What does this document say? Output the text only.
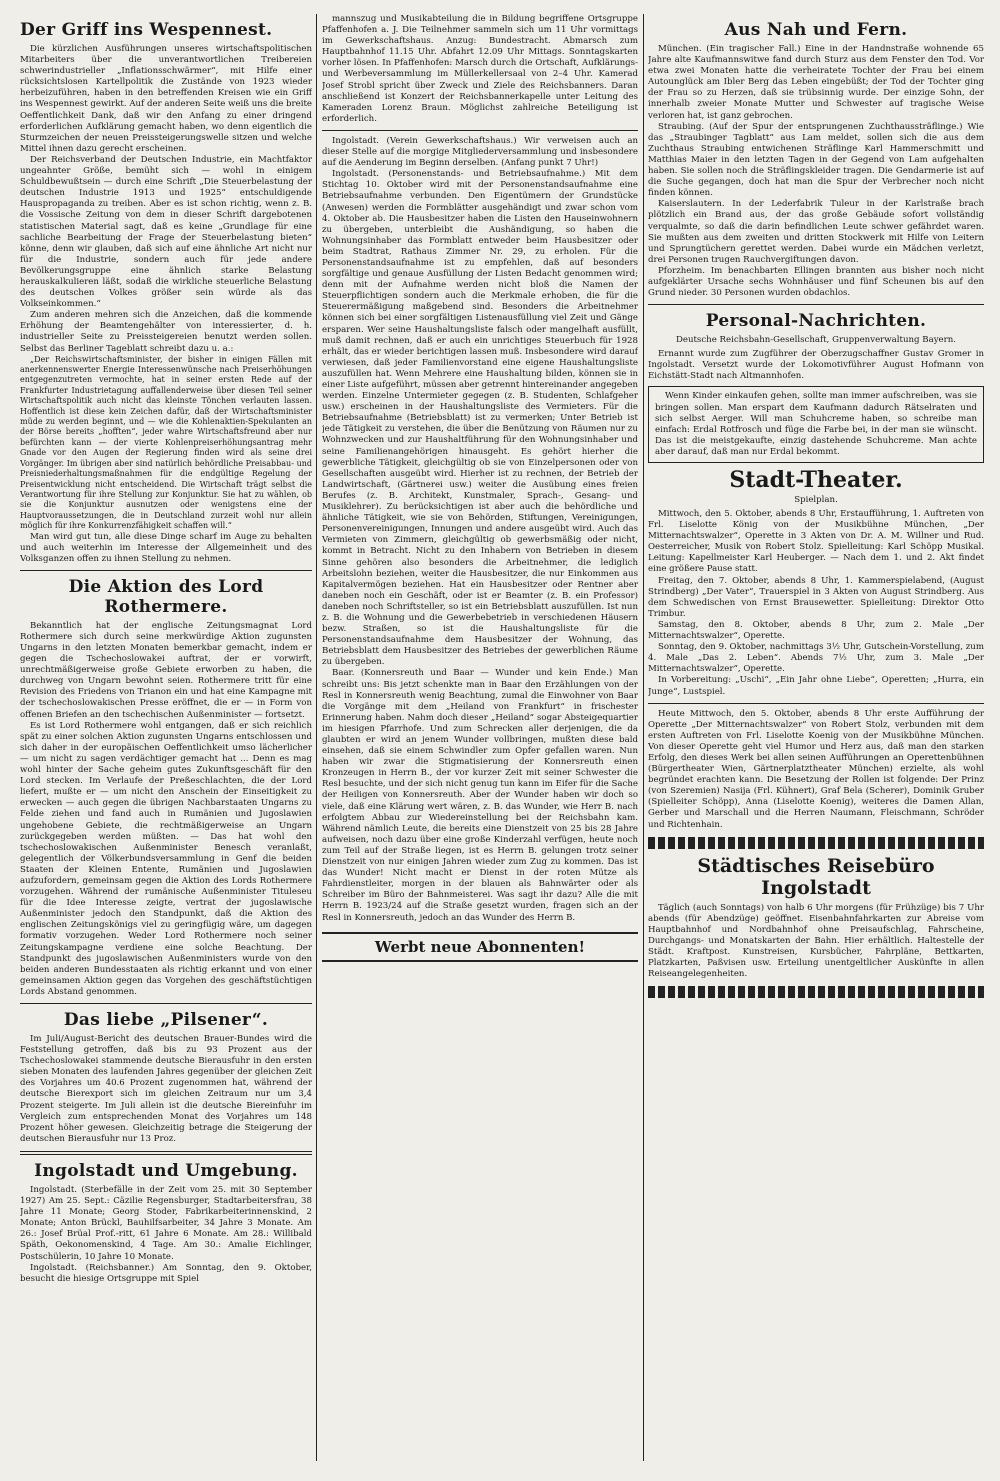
Der Griff ins Wespennest.

Die kürzlichen Ausführungen unseres wirtschaftspolitischen Mitarbeiters über die unverantwortlichen Treibereien schwerindustrieller „Inflationsschwärmer“, mit Hilfe einer rücksichtslosen Kartellpolitik die Zustände von 1923 wieder herbeizuführen, haben in den betreffenden Kreisen wie ein Griff ins Wespennest gewirkt. Auf der anderen Seite weiß uns die breite Oeffentlichkeit Dank, daß wir den Anfang zu einer dringend erforderlichen Aufklärung gemacht haben, wo denn eigentlich die Sturmzeichen der neuen Preissteigerungswelle sitzen und welche Mittel ihnen dazu gerecht erscheinen.

Der Reichsverband der Deutschen Industrie, ein Machtfaktor ungeahnter Größe, bemüht sich — wohl in einigem Schuldbewußtsein — durch eine Schrift „Die Steuerbelastung der deutschen Industrie 1913 und 1925“ entschuldigende Hauspropaganda zu treiben. Aber es ist schon richtig, wenn z. B. die Vossische Zeitung von dem in dieser Schrift dargebotenen statistischen Material sagt, daß es keine „Grundlage für eine sachliche Bearbeitung der Frage der Steuerbelastung bieten“ könne, denn wir glauben, daß sich auf eine ähnliche Art nicht nur für die Industrie, sondern auch für jede andere Bevölkerungsgruppe eine ähnlich starke Belastung herauskalkulieren läßt, sodaß die wirkliche steuerliche Belastung des deutschen Volkes größer sein würde als das Volkseinkommen.“

Zum anderen mehren sich die Anzeichen, daß die kommende Erhöhung der Beamtengehälter von interessierter, d. h. industrieller Seite zu Preissteigereien benutzt werden sollen. Selbst das Berliner Tageblatt schreibt dazu u. a.:

„Der Reichswirtschaftsminister, der bisher in einigen Fällen mit anerkennenswerter Energie Interessenwünsche nach Preiserhöhungen entgegenzutreten vermochte, hat in seiner ersten Rede auf der Frankfurter Industrietagung auffallenderweise über diesen Teil seiner Wirtschaftspolitik auch nicht das kleinste Tönchen verlauten lassen. Hoffentlich ist diese kein Zeichen dafür, daß der Wirtschaftsminister müde zu werden beginnt, und — wie die Kohlenaktien-Spekulanten an der Börse bereits „hofften“, jeder wahre Wirtschaftsfreund aber nur befürchten kann — der vierte Kohlenpreiserhöhungsantrag mehr Gnade vor den Augen der Regierung finden wird als seine drei Vorgänger. Im übrigen aber sind natürlich behördliche Preisabbau- und Preisniederhaltungsmaßnahmen für die endgültige Regelung der Preisentwicklung nicht entscheidend. Die Wirtschaft trägt selbst die Verantwortung für ihre Stellung zur Konjunktur. Sie hat zu wählen, ob sie die Konjunktur ausnutzen oder wenigstens eine der Hauptvoraussetzungen, die in Deutschland zurzeit wohl nur allein möglich für ihre Konkurrenzfähigkeit schaffen will.“

Man wird gut tun, alle diese Dinge scharf im Auge zu behalten und auch weiterhin im Interesse der Allgemeinheit und des Volksganzen offen zu ihnen Stellung zu nehmen.

Die Aktion des Lord Rothermere.

Bekanntlich hat der englische Zeitungsmagnat Lord Rothermere sich durch seine merkwürdige Aktion zugunsten Ungarns in den letzten Monaten bemerkbar gemacht, indem er gegen die Tschechoslowakei auftrat, der er vorwirft, unrechtmäßigerweise große Gebiete erworben zu haben, die durchweg von Ungarn bewohnt seien. Rothermere tritt für eine Revision des Friedens von Trianon ein und hat eine Kampagne mit der tschechoslowakischen Presse eröffnet, die er — in Form von offenen Briefen an den tschechischen Außenminister — fortsetzt.

Es ist Lord Rothermere wohl entgangen, daß er sich reichlich spät zu einer solchen Aktion zugunsten Ungarns entschlossen und sich daher in der europäischen Oeffentlichkeit umso lächerlicher — um nicht zu sagen verdächtiger gemacht hat ... Denn es mag wohl hinter der Sache geheim gutes Zukunftsgeschäft für den Lord stecken. Im Verlaufe der Preßeschlachten, die der Lord liefert, mußte er — um nicht den Anschein der Einseitigkeit zu erwecken — auch gegen die übrigen Nachbarstaaten Ungarns zu Felde ziehen und fand auch in Rumänien und Jugoslawien ungehobene Gebiete, die rechtmäßigerweise an Ungarn zurückgegeben werden müßten. — Das hat wohl den tschechoslowakischen Außenminister Benesch veranlaßt, gelegentlich der Völkerbundsversammlung in Genf die beiden Staaten der Kleinen Entente, Rumänien und Jugoslawien aufzufordern, gemeinsam gegen die Aktion des Lords Rothermere vorzugehen. Während der rumänische Außenminister Tituleseu für die Idee Interesse zeigte, vertrat der jugoslawische Außenminister jedoch den Standpunkt, daß die Aktion des englischen Zeitungskönigs viel zu geringfügig wäre, um dagegen formativ vorzugehen. Weder Lord Rothermere noch seiner Zeitungskampagne verdiene eine solche Beachtung. Der Standpunkt des jugoslawischen Außenministers wurde von den beiden anderen Bundesstaaten als richtig erkannt und von einer gemeinsamen Aktion gegen das Vorgehen des geschäftstüchtigen Lords Abstand genommen.

Das liebe „Pilsener“.

Im Juli/August-Bericht des deutschen Brauer-Bundes wird die Feststellung getroffen, daß bis zu 93 Prozent aus der Tschechoslowakei stammende deutsche Bierausfuhr in den ersten sieben Monaten des laufenden Jahres gegenüber der gleichen Zeit des Vorjahres um 40.6 Prozent zugenommen hat, während der deutsche Bierexport sich im gleichen Zeitraum nur um 3,4 Prozent steigerte. Im Juli allein ist die deutsche Biereinfuhr im Vergleich zum entsprechenden Monat des Vorjahres um 148 Prozent höher gewesen. Gleichzeitig betrage die Steigerung der deutschen Bierausfuhr nur 13 Proz.

Ingolstadt und Umgebung.

Ingolstadt. (Sterbefälle in der Zeit vom 25. mit 30 September 1927) Am 25. Sept.: Cäzilie Regensburger, Stadtarbeitersfrau, 38 Jahre 11 Monate; Georg Stoder, Fabrikarbeiterinnenskind, 2 Monate; Anton Brückl, Bauhilfsarbeiter, 34 Jahre 3 Monate. Am 26.: Josef Brüal Prof.-ritt, 61 Jahre 6 Monate. Am 28.: Willibald Späth, Oekonomenskind, 4 Tage. Am 30.: Amalie Eichlinger, Postschülerin, 10 Jahre 10 Monate.

Ingolstadt. (Reichsbanner.) Am Sonntag, den 9. Oktober, besucht die hiesige Ortsgruppe mit Spiel

mannszug und Musikabteilung die in Bildung begriffene Ortsgruppe Pfaffenhofen a. J. Die Teilnehmer sammeln sich um 11 Uhr vormittags im Gewerkschaftshaus. Anzug: Bundestracht. Abmarsch zum Hauptbahnhof 11.15 Uhr. Abfahrt 12.09 Uhr Mittags. Sonntagskarten vorher lösen. In Pfaffenhofen: Marsch durch die Ortschaft, Aufklärungs- und Werbeversammlung im Müllerkellersaal von 2–4 Uhr. Kamerad Josef Strobl spricht über Zweck und Ziele des Reichsbanners. Daran anschließend ist Konzert der Reichsbannerkapelle unter Leitung des Kameraden Lorenz Braun. Möglichst zahlreiche Beteiligung ist erforderlich.

Ingolstadt. (Verein Gewerkschaftshaus.) Wir verweisen auch an dieser Stelle auf die morgige Mitgliederversammlung und insbesondere auf die Aenderung im Beginn derselben. (Anfang punkt 7 Uhr!)

Ingolstadt. (Personenstands- und Betriebsaufnahme.) Mit dem Stichtag 10. Oktober wird mit der Personenstandsaufnahme eine Betriebsaufnahme verbunden. Den Eigentümern der Grundstücke (Anwesen) werden die Formblätter ausgehändigt und zwar schon vom 4. Oktober ab. Die Hausbesitzer haben die Listen den Hauseinwohnern zu übergeben, unterbleibt die Aushändigung, so haben die Wohnungsinhaber das Formblatt entweder beim Hausbesitzer oder beim Stadtrat, Rathaus Zimmer Nr. 29, zu erholen. Für die Personenstandsaufnahme ist zu empfehlen, daß auf besonders sorgfältige und genaue Ausfüllung der Listen Bedacht genommen wird; denn mit der Aufnahme werden nicht bloß die Namen der Steuerpflichtigen sondern auch die Merkmale erhoben, die für die Steuerermäßigung maßgebend sind. Besonders die Arbeitnehmer können sich bei einer sorgfältigen Listenausfüllung viel Zeit und Gänge ersparen. Wer seine Haushaltungsliste falsch oder mangelhaft ausfüllt, muß damit rechnen, daß er auch ein unrichtiges Steuerbuch für 1928 erhält, das er wieder berichtigen lassen muß. Insbesondere wird darauf verwiesen, daß jeder Familienvorstand eine eigene Haushaltungsliste auszufüllen hat. Wenn Mehrere eine Haushaltung bilden, können sie in einer Liste aufgeführt, müssen aber getrennt hintereinander angegeben werden. Einzelne Untermieter gegegen (z. B. Studenten, Schlafgeher usw.) erscheinen in der Haushaltungsliste des Vermieters. Für die Betriebsaufnahme (Betriebsblatt) ist zu vermerken; Unter Betrieb ist jede Tätigkeit zu verstehen, die über die Benützung von Räumen nur zu Wohnzwecken und zur Haushaltführung für den Wohnungsinhaber und seine Familienangehörigen hinausgeht. Es gehört hierher die gewerbliche Tätigkeit, gleichgültig ob sie von Einzelpersonen oder von Gesellschaften ausgeübt wird. Hierher ist zu rechnen, der Betrieb der Landwirtschaft, (Gärtnerei usw.) weiter die Ausübung eines freien Berufes (z. B. Architekt, Kunstmaler, Sprach-, Gesang- und Musiklehrer). Zu berücksichtigen ist aber auch die behördliche und ähnliche Tätigkeit, wie sie von Behörden, Stiftungen, Vereinigungen, Personenvereinigungen, Innungen und andere ausgeübt wird. Auch das Vermieten von Zimmern, gleichgültig ob gewerbsmäßig oder nicht, kommt in Betracht. Nicht zu den Inhabern von Betrieben in diesem Sinne gehören also besonders die Arbeitnehmer, die lediglich Arbeitslohn beziehen, weiter die Hausbesitzer, die nur Einkommen aus Kapitalvermögen beziehen. Hat ein Hausbesitzer oder Rentner aber daneben noch ein Geschäft, oder ist er Beamter (z. B. ein Professor) daneben noch Schriftsteller, so ist ein Betriebsblatt auszufüllen. Ist nun z. B. die Wohnung und die Gewerbebetrieb in verschiedenen Häusern bezw. Straßen, so ist die Haushaltungsliste für die Personenstandsaufnahme dem Hausbesitzer der Wohnung, das Betriebsblatt dem Hausbesitzer des Betriebes der gewerblichen Räume zu übergeben.

Baar. (Konnersreuth und Baar — Wunder und kein Ende.) Man schreibt uns: Bis jetzt schenkte man in Baar den Erzählungen von der Resl in Konnersreuth wenig Beachtung, zumal die Einwohner von Baar die Vorgänge mit dem „Heiland von Frankfurt“ in frischester Erinnerung haben. Nahm doch dieser „Heiland“ sogar Absteigequartier im hiesigen Pfarrhofe. Und zum Schrecken aller derjenigen, die da glaubten er wird an jenem Wunder vollbringen, mußten diese bald einsehen, daß sie einem Schwindler zum Opfer gefallen waren. Nun haben wir zwar die Stigmatisierung der Konnersreuth einen Kronzeugen in Herrn B., der vor kurzer Zeit mit seiner Schwester die Resl besuchte, und der sich nicht genug tun kann im Eifer für die Sache der Heiligen von Konnersreuth. Aber der Wunder haben wir doch so viele, daß eine Klärung wert wären, z. B. das Wunder, wie Herr B. nach erfolgtem Abbau zur Wiedereinstellung bei der Reichsbahn kam. Während nämlich Leute, die bereits eine Dienstzeit von 25 bis 28 Jahre aufweisen, noch dazu über eine große Kinderzahl verfügen, heute noch zum Teil auf der Straße liegen, ist es Herrn B. gelungen trotz seiner Dienstzeit von nur einigen Jahren wieder zum Zug zu kommen. Das ist das Wunder! Nicht macht er Dienst in der roten Mütze als Fahrdienstleiter, morgen in der blauen als Bahnwärter oder als Schreiber im Büro der Bahnmeisterei. Was sagt ihr dazu? Alle die mit Herrn B. 1923/24 auf die Straße gesetzt wurden, fragen sich an der Resl in Konnersreuth, jedoch an das Wunder des Herrn B.

Werbt neue Abonnenten!
Aus Nah und Fern.

München. (Ein tragischer Fall.) Eine in der Handnstraße wohnende 65 Jahre alte Kaufmannswitwe fand durch Sturz aus dem Fenster den Tod. Vor etwa zwei Monaten hatte die verheiratete Tochter der Frau bei einem Autounglück am Ibler Berg das Leben eingebüßt; der Tod der Tochter ging der Frau so zu Herzen, daß sie trübsinnig wurde. Der einzige Sohn, der innerhalb zweier Monate Mutter und Schwester auf tragische Weise verloren hat, ist ganz gebrochen.

Straubing. (Auf der Spur der entsprungenen Zuchthaussträflinge.) Wie das „Straubinger Tagblatt“ aus Lam meldet, sollen sich die aus dem Zuchthaus Straubing entwichenen Sträflinge Karl Hammerschmitt und Matthias Maier in den letzten Tagen in der Gegend von Lam aufgehalten haben. Sie sollen noch die Sträflingskleider tragen. Die Gendarmerie ist auf die Suche gegangen, doch hat man die Spur der Verbrecher noch nicht finden können.

Kaiserslautern. In der Lederfabrik Tuleur in der Karlstraße brach plötzlich ein Brand aus, der das große Gebäude sofort vollständig verqualmte, so daß die darin befindlichen Leute schwer gefährdet waren. Sie mußten aus dem zweiten und dritten Stockwerk mit Hilfe von Leitern und Sprungtüchern gerettet werden. Dabei wurde ein Mädchen verletzt, drei Personen trugen Rauchvergiftungen davon.

Pforzheim. Im benachbarten Ellingen brannten aus bisher noch nicht aufgeklärter Ursache sechs Wohnhäuser und fünf Scheunen bis auf den Grund nieder. 30 Personen wurden obdachlos.

Personal-Nachrichten.
Deutsche Reichsbahn-Gesellschaft, Gruppenverwaltung Bayern.

Ernannt wurde zum Zugführer der Oberzugschaffner Gustav Gromer in Ingolstadt. Versetzt wurde der Lokomotivführer August Hofmann von Eichstätt-Stadt nach Altmannhofen.

Wenn Kinder einkaufen gehen, sollte man immer aufschreiben, was sie bringen sollen. Man erspart dem Kaufmann dadurch Rätselraten und sich selbst Aerger. Will man Schuhcreme haben, so schreibe man einfach: Erdal Rotfrosch und füge die Farbe bei, in der man sie wünscht. Das ist die meistgekaufte, einzig dastehende Schuhcreme. Man achte aber darauf, daß man nur Erdal bekommt.

Stadt-Theater.
Spielplan.

Mittwoch, den 5. Oktober, abends 8 Uhr, Erstaufführung, 1. Auftreten von Frl. Liselotte König von der Musikbühne München, „Der Mitternachtswalzer“, Operette in 3 Akten von Dr. A. M. Willner und Rud. Oesterreicher, Musik von Robert Stolz. Spielleitung: Karl Schöpp Musikal. Leitung: Kapellmeister Karl Heuberger. — Nach dem 1. und 2. Akt findet eine größere Pause statt.

Freitag, den 7. Oktober, abends 8 Uhr, 1. Kammerspielabend, (August Strindberg) „Der Vater“, Trauerspiel in 3 Akten von August Strindberg. Aus dem Schwedischen von Ernst Brausewetter. Spielleitung: Direktor Otto Trimbur.

Samstag, den 8. Oktober, abends 8 Uhr, zum 2. Male „Der Mitternachtswalzer“, Operette.

Sonntag, den 9. Oktober, nachmittags 3½ Uhr, Gutschein-Vorstellung, zum 4. Male „Das 2. Leben“. Abends 7½ Uhr, zum 3. Male „Der Mitternachtswalzer“, Operette.

In Vorbereitung: „Uschi“, „Ein Jahr ohne Liebe“, Operetten; „Hurra, ein Junge“, Lustspiel.

Heute Mittwoch, den 5. Oktober, abends 8 Uhr erste Aufführung der Operette „Der Mitternachtswalzer“ von Robert Stolz, verbunden mit dem ersten Auftreten von Frl. Liselotte Koenig von der Musikbühne München. Von dieser Operette geht viel Humor und Herz aus, daß man den starken Erfolg, den dieses Werk bei allen seinen Aufführungen an Operettenbühnen (Bürgertheater Wien, Gärtnerplatztheater München) erzielte, als wohl begründet erachten kann. Die Besetzung der Rollen ist folgende: Der Prinz (von Szeremien) Nasija (Frl. Kühnert), Graf Bela (Scherer), Dominik Gruber (Spielleiter Schöpp), Anna (Liselotte Koenig), weiteres die Damen Allan, Gerber und Marschall und die Herren Naumann, Fleischmann, Schröder und Richtenhain.

Städtisches Reisebüro Ingolstadt

Täglich (auch Sonntags) von halb 6 Uhr morgens (für Frühzüge) bis 7 Uhr abends (für Abendzüge) geöffnet. Eisenbahnfahrkarten zur Abreise vom Hauptbahnhof und Nordbahnhof ohne Preisaufschlag, Fahrscheine, Durchgangs- und Monatskarten der Bahn. Hier erhältlich. Haltestelle der Städt. Kraftpost. Kunstreisen, Kursbücher, Fahrpläne, Bettkarten, Platzkarten, Paßvisen usw. Erteilung unentgeltlicher Auskünfte in allen Reiseangelegenheiten.
